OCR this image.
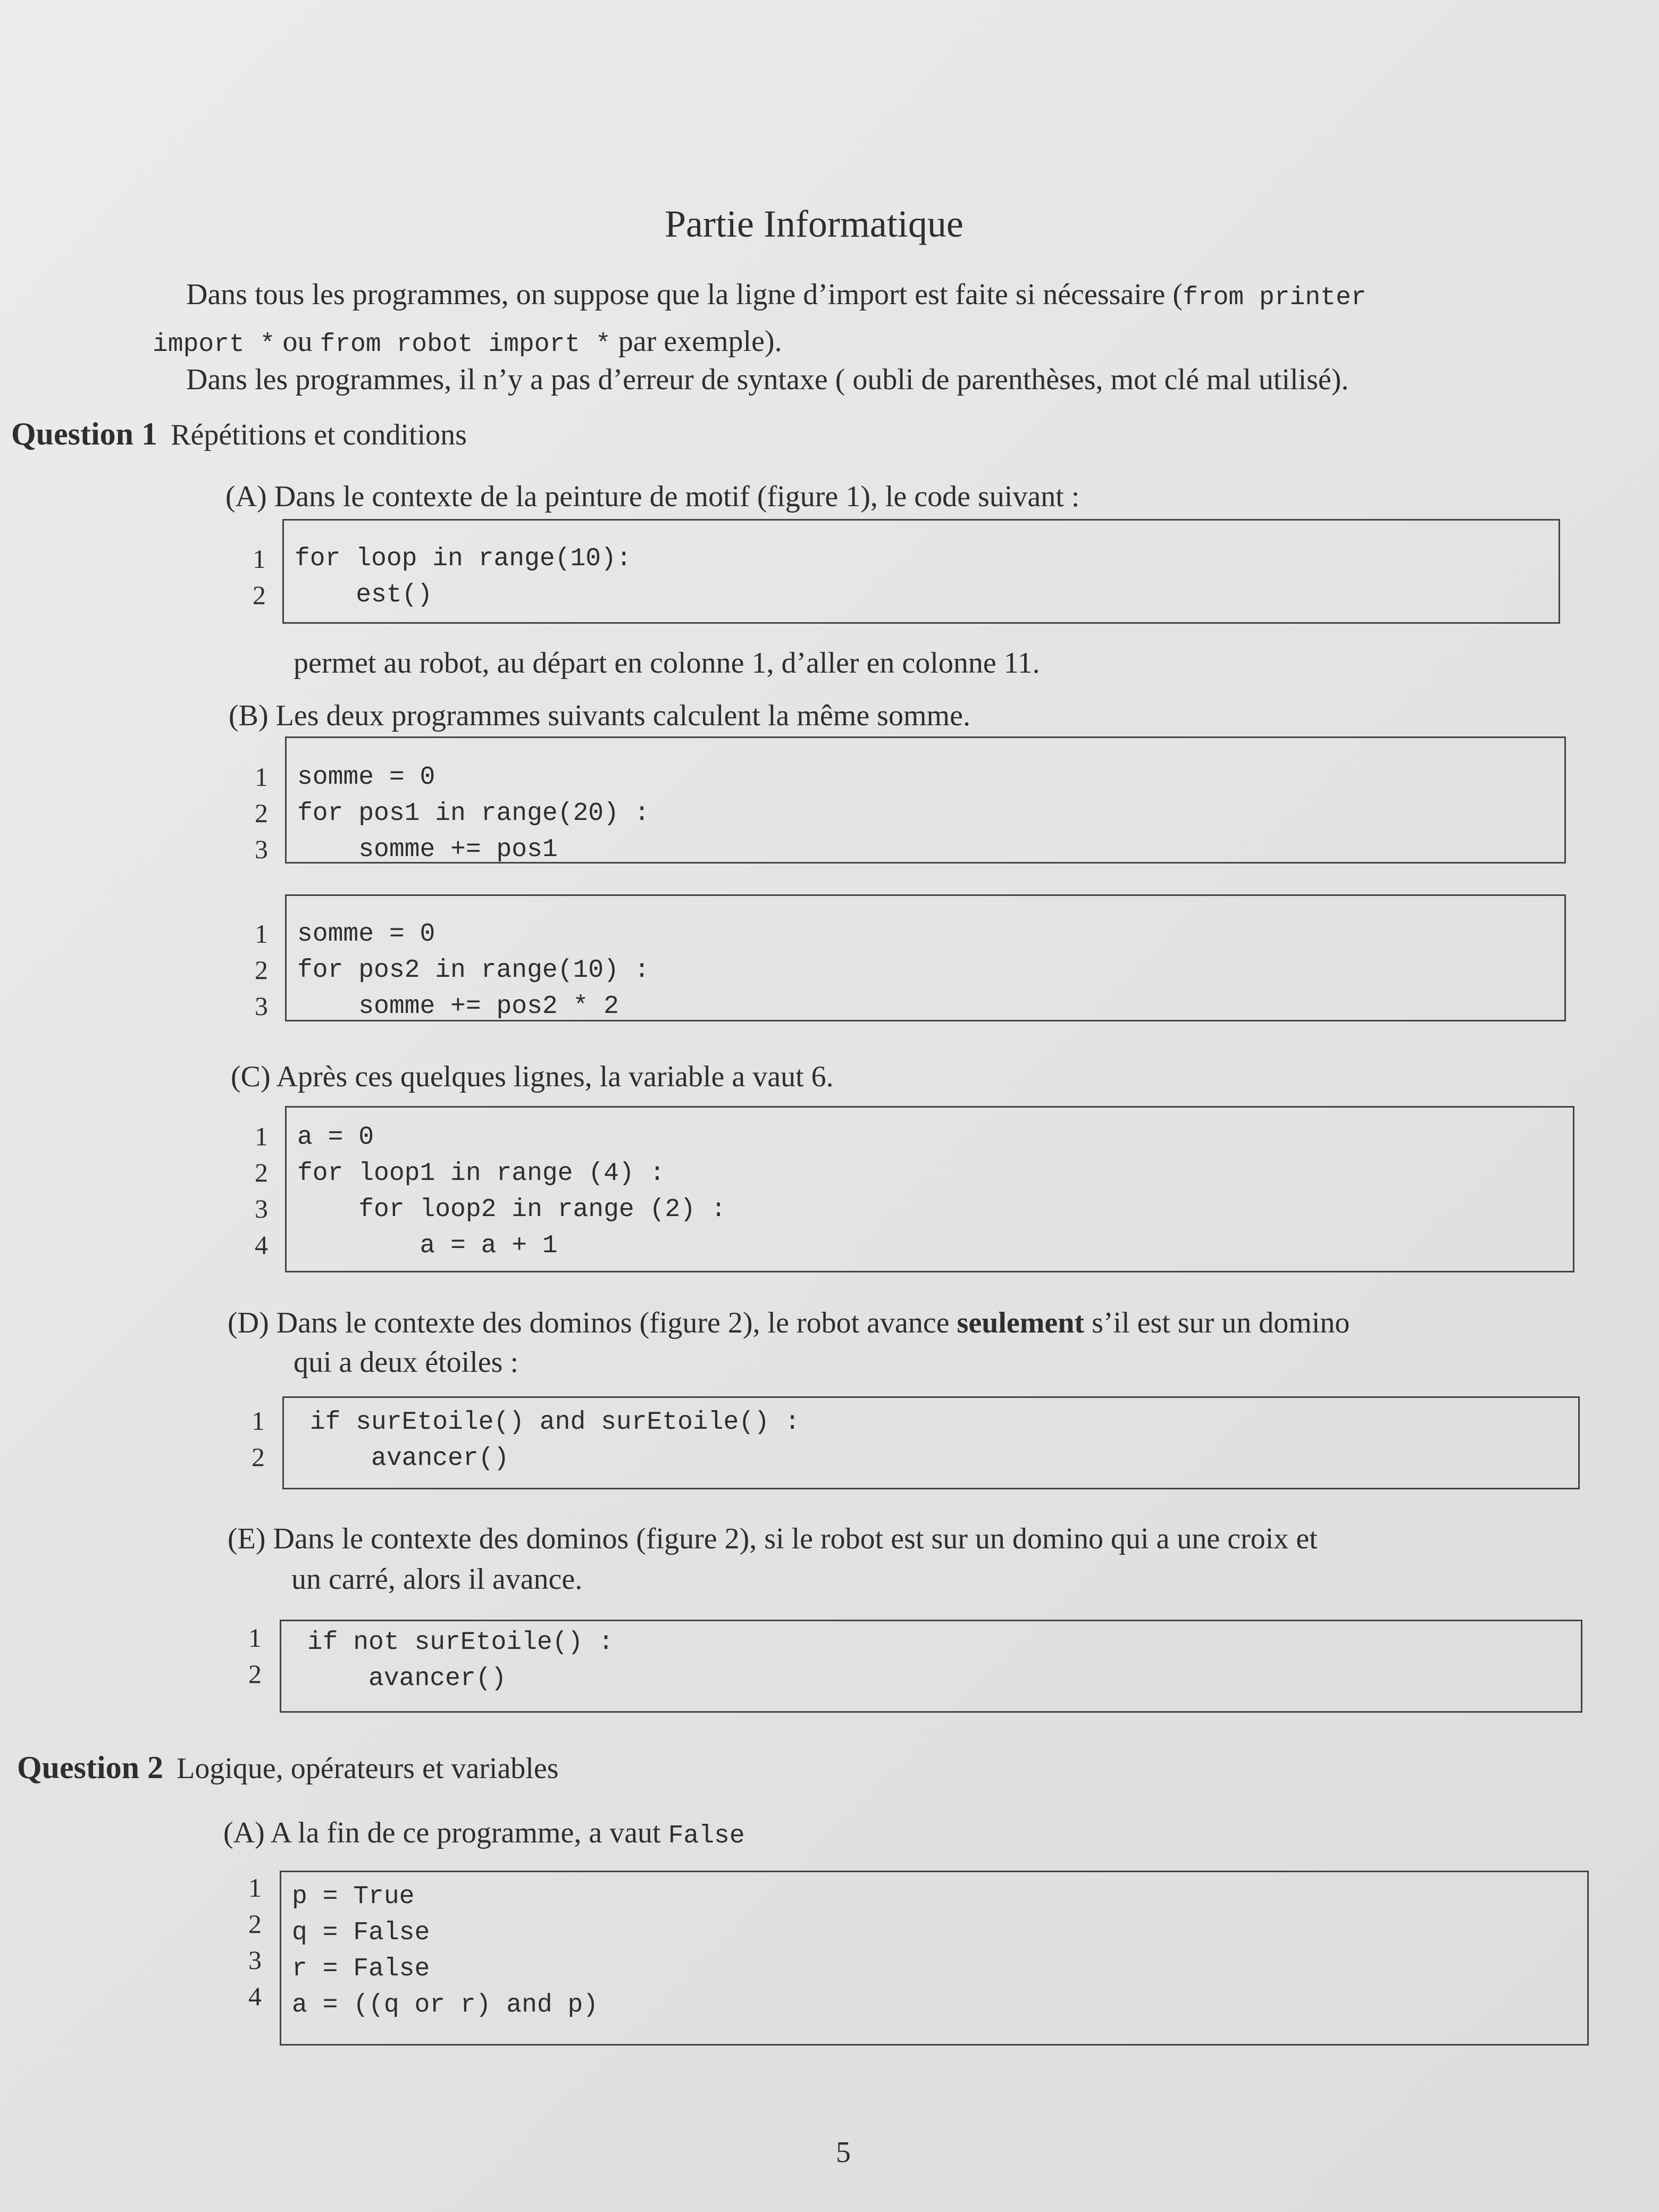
Partie Informatique
Dans tous les programmes, on suppose que la ligne d’import est faite si nécessaire (from printer
import * ou from robot import * par exemple).
Dans les programmes, il n’y a pas d’erreur de syntaxe ( oubli de parenthèses, mot clé mal utilisé).
Question 1 Répétitions et conditions
(A) Dans le contexte de la peinture de motif (figure 1), le code suivant :
1
2
for loop in range(10):
est()
permet au robot, au départ en colonne 1, d’aller en colonne 11.
(B) Les deux programmes suivants calculent la même somme.
1
2
3
somme = 0
for pos1 in range(20) :
somme += pos1
1
2
3
somme = 0
for pos2 in range(10) :
somme += pos2 * 2
(C) Après ces quelques lignes, la variable a vaut 6.
1
2
3
4
a = 0
for loop1 in range (4) :
for loop2 in range (2) :
a = a + 1
(D) Dans le contexte des dominos (figure 2), le robot avance seulement s’il est sur un domino
qui a deux étoiles :
1
2
if surEtoile() and surEtoile() :
avancer()
(E) Dans le contexte des dominos (figure 2), si le robot est sur un domino qui a une croix et
un carré, alors il avance.
1
2
if not surEtoile() :
avancer()
Question 2 Logique, opérateurs et variables
(A) A la fin de ce programme, a vaut False
1
2
3
4
p = True
q = False
r = False
a = ((q or r) and p)
5
